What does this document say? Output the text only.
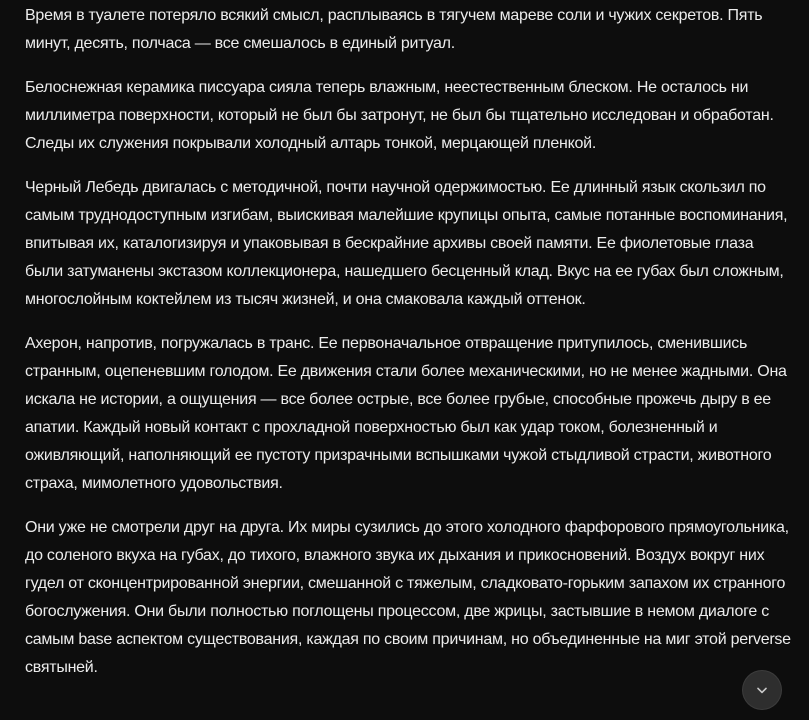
Время в туалете потеряло всякий смысл, расплываясь в тягучем мареве соли и чужих секретов. Пять минут, десять, полчаса — все смешалось в единый ритуал.

Белоснежная керамика писсуара сияла теперь влажным, неестественным блеском. Не осталось ни миллиметра поверхности, который не был бы затронут, не был бы тщательно исследован и обработан. Следы их служения покрывали холодный алтарь тонкой, мерцающей пленкой.

Черный Лебедь двигалась с методичной, почти научной одержимостью. Ее длинный язык скользил по самым труднодоступным изгибам, выискивая малейшие крупицы опыта, самые потанные воспоминания, впитывая их, каталогизируя и упаковывая в бескрайние архивы своей памяти. Ее фиолетовые глаза были затуманены экстазом коллекционера, нашедшего бесценный клад. Вкус на ее губах был сложным, многослойным коктейлем из тысяч жизней, и она смаковала каждый оттенок.

Ахерон, напротив, погружалась в транс. Ее первоначальное отвращение притупилось, сменившись странным, оцепеневшим голодом. Ее движения стали более механическими, но не менее жадными. Она искала не истории, а ощущения — все более острые, все более грубые, способные прожечь дыру в ее апатии. Каждый новый контакт с прохладной поверхностью был как удар током, болезненный и оживляющий, наполняющий ее пустоту призрачными вспышками чужой стыдливой страсти, животного страха, мимолетного удовольствия.

Они уже не смотрели друг на друга. Их миры сузились до этого холодного фарфорового прямоугольника, до соленого вкуха на губах, до тихого, влажного звука их дыхания и прикосновений. Воздух вокруг них гудел от сконцентрированной энергии, смешанной с тяжелым, сладковато-горьким запахом их странного богослужения. Они были полностью поглощены процессом, две жрицы, застывшие в немом диалоге с самым base аспектом существования, каждая по своим причинам, но объединенные на миг этой perverse святыней.
